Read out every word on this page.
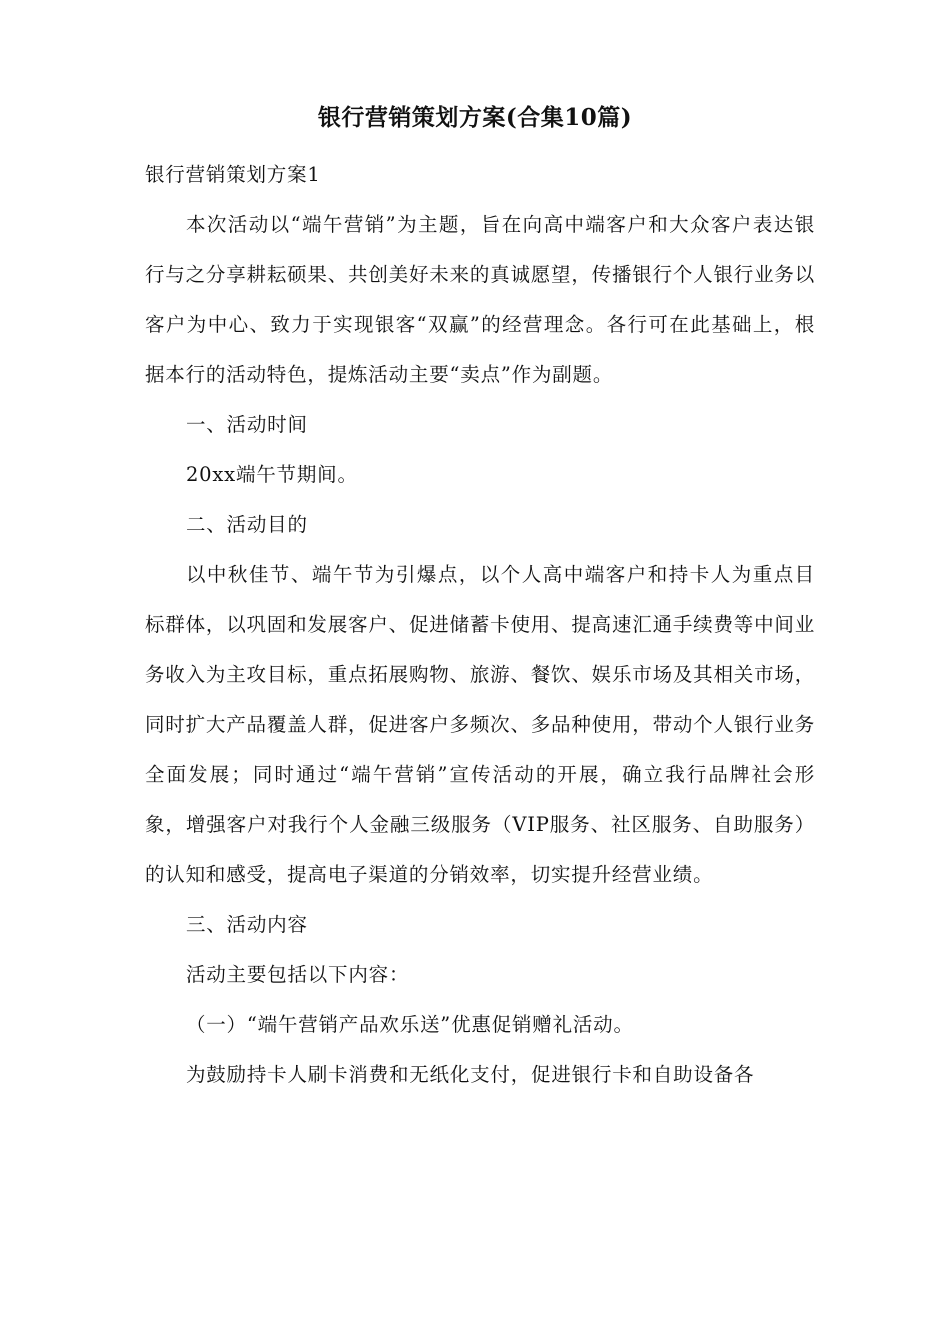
银行营销策划方案(合集10篇)

银行营销策划方案1

本次活动以“端午营销”为主题，旨在向高中端客户和大众客户表达银行与之分享耕耘硕果、共创美好未来的真诚愿望，传播银行个人银行业务以客户为中心、致力于实现银客“双赢”的经营理念。各行可在此基础上，根据本行的活动特色，提炼活动主要“卖点”作为副题。

一、活动时间

20xx端午节期间。

二、活动目的

以中秋佳节、端午节为引爆点，以个人高中端客户和持卡人为重点目标群体，以巩固和发展客户、促进储蓄卡使用、提高速汇通手续费等中间业务收入为主攻目标，重点拓展购物、旅游、餐饮、娱乐市场及其相关市场，同时扩大产品覆盖人群，促进客户多频次、多品种使用，带动个人银行业务全面发展；同时通过“端午营销”宣传活动的开展，确立我行品牌社会形象，增强客户对我行个人金融三级服务（VIP服务、社区服务、自助服务）的认知和感受，提高电子渠道的分销效率，切实提升经营业绩。

三、活动内容

活动主要包括以下内容：

（一）“端午营销产品欢乐送”优惠促销赠礼活动。

为鼓励持卡人刷卡消费和无纸化支付，促进银行卡和自助设备各
